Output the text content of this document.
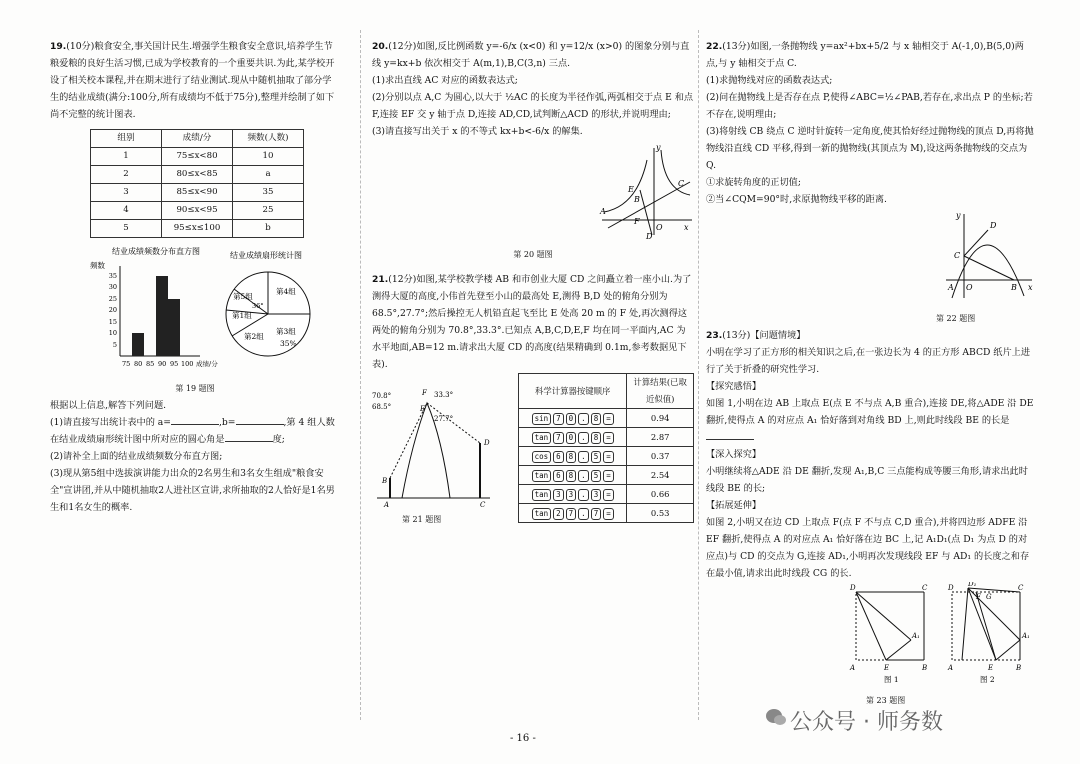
19.(10分)粮食安全,事关国计民生.增强学生粮食安全意识,培养学生节粮爱粮的良好生活习惯,已成为学校教育的一个重要共识.为此,某学校开设了相关校本课程,并在期末进行了结业测试.现从中随机抽取了部分学生的结业成绩(满分:100分,所有成绩均不低于75分),整理并绘制了如下尚不完整的统计图表.

组别	成绩/分	频数(人数)
1	75≤x<80	10
2	80≤x<85	a
3	85≤x<90	35
4	90≤x<95	25
5	95≤x≤100	b
结业成绩频数分布直方图	结业成绩扇形统计图
频数
35
30
25
20
15
10
5
75 80 85 90 95 100 成绩/分
第5组
第1组
第2组
第4组
第3组
35%
36°
第 19 题图

根据以上信息,解答下列问题.

(1)请直接写出统计表中的 a=	,b=	,第 4 组人数在结业成绩扇形统计图中所对应的圆心角是	度;

(2)请补全上面的结业成绩频数分布直方图;

(3)现从第5组中选拔演讲能力出众的2名男生和3名女生组成"粮食安全"宣讲团,并从中随机抽取2人进社区宣讲,求所抽取的2人恰好是1名男生和1名女生的概率.

20.(12分)如图,反比例函数 y=-6/x (x<0) 和 y=12/x (x>0) 的图象分别与直线 y=kx+b 依次相交于 A(m,1),B,C(3,n) 三点.

(1)求出直线 AC 对应的函数表达式;

(2)分别以点 A,C 为圆心,以大于 ½AC 的长度为半径作弧,两弧相交于点 E 和点 F,连接 EF 交 y 轴于点 D,连接 AD,CD,试判断△ACD 的形状,并说明理由;

(3)请直接写出关于 x 的不等式 kx+b<-6/x 的解集.

y
x
A
B
C
E
F
O
D
第 20 题图

21.(12分)如图,某学校教学楼 AB 和市创业大厦 CD 之间矗立着一座小山.为了测得大厦的高度,小伟首先登至小山的最高处 E,测得 B,D 处的俯角分别为 68.5°,27.7°;然后操控无人机铅直起飞至比 E 处高 20 m 的 F 处,再次测得这两处的俯角分别为 70.8°,33.3°.已知点 A,B,C,D,E,F 均在同一平面内,AC 为水平地面,AB=12 m.请求出大厦 CD 的高度(结果精确到 0.1m,参考数据见下表).

70.8°
68.5°
33.3°
27.7°
F
E
B
A
D
C
第 21 题图
科学计算器按键顺序	计算结果(已取近似值)
sin 7 0 . 8 =	0.94
tan 7 0 . 8 =	2.87
cos 6 8 . 5 =	0.37
tan 6 8 . 5 =	2.54
tan 3 3 . 3 =	0.66
tan 2 7 . 7 =	0.53

22.(13分)如图,一条抛物线 y=ax²+bx+5/2 与 x 轴相交于 A(-1,0),B(5,0)两点,与 y 轴相交于点 C.

(1)求抛物线对应的函数表达式;

(2)问在抛物线上是否存在点 P,使得∠ABC=½∠PAB,若存在,求出点 P 的坐标;若不存在,说明理由;

(3)将射线 CB 绕点 C 逆时针旋转一定角度,使其恰好经过抛物线的顶点 D,再将抛物线沿直线 CD 平移,得到一新的抛物线(其顶点为 M),设这两条抛物线的交点为 Q.

①求旋转角度的正切值;

②当∠CQM=90°时,求原抛物线平移的距离.

y
x
C
D
A O	B
第 22 题图

23.(13分)【问题情境】

小明在学习了正方形的相关知识之后,在一张边长为 4 的正方形 ABCD 纸片上进行了关于折叠的研究性学习.

【探究感悟】

如图 1,小明在边 AB 上取点 E(点 E 不与点 A,B 重合),连接 DE,将△ADE 沿 DE 翻折,使得点 A 的对应点 A₁ 恰好落到对角线 BD 上,则此时线段 BE 的长是

【深入探究】

小明继续将△ADE 沿 DE 翻折,发现 A₁,B,C 三点能构成等腰三角形,请求出此时线段 BE 的长;

【拓展延伸】

如图 2,小明又在边 CD 上取点 F(点 F 不与点 C,D 重合),并将四边形 ADFE 沿 EF 翻折,使得点 A 的对应点 A₁ 恰好落在边 BC 上,记 A₁D₁(点 D₁ 为点 D 的对应点)与 CD 的交点为 G,连接 AD₁,小明再次发现线段 EF 与 AD₁ 的长度之和存在最小值,请求出此时线段 CG 的长.

D	C
A₁
A	E	B
图 1
D₁
D
F G
C
A₁
A	E	B
图 2
第 23 题图
- 16 -
公众号 · 师务数
